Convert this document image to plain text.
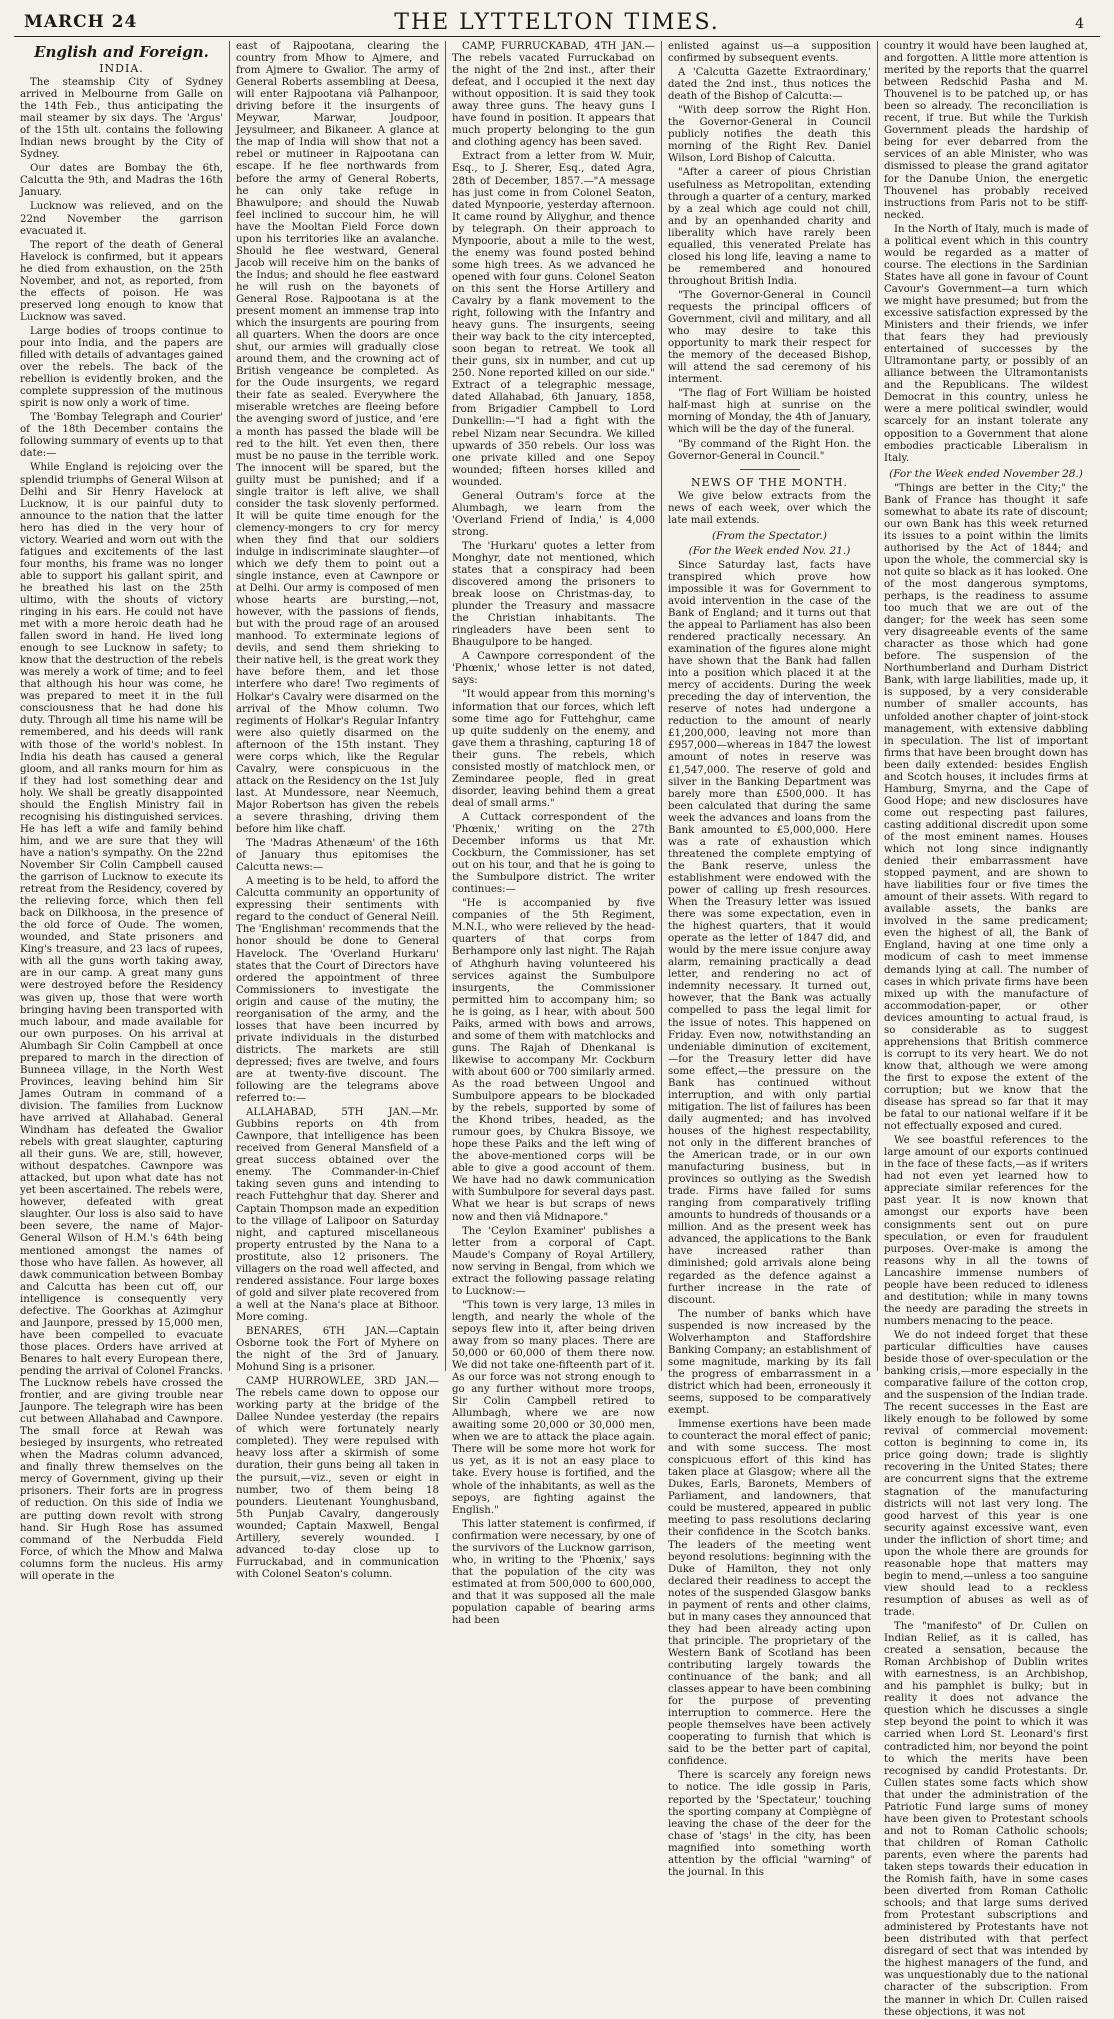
MARCH 24	THE LYTTELTON TIMES.	4
English and Foreign.
INDIA.

The steamship City of Sydney arrived in Melbourne from Galle on the 14th Feb., thus anticipating the mail steamer by six days. The 'Argus' of the 15th ult. contains the following Indian news brought by the City of Sydney.

Our dates are Bombay the 6th, Calcutta the 9th, and Madras the 16th January.

Lucknow was relieved, and on the 22nd November the garrison evacuated it.

The report of the death of General Havelock is confirmed, but it appears he died from exhaustion, on the 25th November, and not, as reported, from the effects of poison. He was preserved long enough to know that Lucknow was saved.

Large bodies of troops continue to pour into India, and the papers are filled with details of advantages gained over the rebels. The back of the rebellion is evidently broken, and the complete suppression of the mutinous spirit is now only a work of time.

The 'Bombay Telegraph and Courier' of the 18th December contains the following summary of events up to that date:—

While England is rejoicing over the splendid triumphs of General Wilson at Delhi and Sir Henry Havelock at Lucknow, it is our painful duty to announce to the nation that the latter hero has died in the very hour of victory. Wearied and worn out with the fatigues and excitements of the last four months, his frame was no longer able to support his gallant spirit, and he breathed his last on the 25th ultimo, with the shouts of victory ringing in his ears. He could not have met with a more heroic death had he fallen sword in hand. He lived long enough to see Lucknow in safety; to know that the destruction of the rebels was merely a work of time; and to feel that although his hour was come, he was prepared to meet it in the full consciousness that he had done his duty. Through all time his name will be remembered, and his deeds will rank with those of the world's noblest. In India his death has caused a general gloom, and all ranks mourn for him as if they had lost something dear and holy. We shall be greatly disappointed should the English Ministry fail in recognising his distinguished services. He has left a wife and family behind him, and we are sure that they will have a nation's sympathy. On the 22nd November Sir Colin Campbell caused the garrison of Lucknow to execute its retreat from the Residency, covered by the relieving force, which then fell back on Dilkhoosa, in the presence of the old force of Oude. The women, wounded, and State prisoners and King's treasure, and 23 lacs of rupees, with all the guns worth taking away, are in our camp. A great many guns were destroyed before the Residency was given up, those that were worth bringing having been transported with much labour, and made available for our own purposes. On his arrival at Alumbagh Sir Colin Campbell at once prepared to march in the direction of Bunneea village, in the North West Provinces, leaving behind him Sir James Outram in command of a division. The families from Lucknow have arrived at Allahabad. General Windham has defeated the Gwalior rebels with great slaughter, capturing all their guns. We are, still, however, without despatches. Cawnpore was attacked, but upon what date has not yet been ascertained. The rebels were, however, defeated with great slaughter. Our loss is also said to have been severe, the name of Major-General Wilson of H.M.'s 64th being mentioned amongst the names of those who have fallen. As however, all dawk communication between Bombay and Calcutta has been cut off, our intelligence is consequently very defective. The Goorkhas at Azimghur and Jaunpore, pressed by 15,000 men, have been compelled to evacuate those places. Orders have arrived at Benares to halt every European there, pending the arrival of Colonel Francks. The Lucknow rebels have crossed the frontier, and are giving trouble near Jaunpore. The telegraph wire has been cut between Allahabad and Cawnpore. The small force at Rewah was besieged by insurgents, who retreated when the Madras column advanced, and finally threw themselves on the mercy of Government, giving up their prisoners. Their forts are in progress of reduction. On this side of India we are putting down revolt with strong hand. Sir Hugh Rose has assumed command of the Nerbudda Field Force, of which the Mhow and Malwa columns form the nucleus. His army will operate in the

east of Rajpootana, clearing the country from Mhow to Ajmere, and from Ajmere to Gwalior. The army of General Roberts assembling at Deesa, will enter Rajpootana viâ Palhanpoor, driving before it the insurgents of Meywar, Marwar, Joudpoor, Jeysulmeer, and Bikaneer. A glance at the map of India will show that not a rebel or mutineer in Rajpootana can escape. If he flee northwards from before the army of General Roberts, he can only take refuge in Bhawulpore; and should the Nuwab feel inclined to succour him, he will have the Mooltan Field Force down upon his territories like an avalanche. Should he flee westward, General Jacob will receive him on the banks of the Indus; and should he flee eastward he will rush on the bayonets of General Rose. Rajpootana is at the present moment an immense trap into which the insurgents are pouring from all quarters. When the doors are once shut, our armies will gradually close around them, and the crowning act of British vengeance be completed. As for the Oude insurgents, we regard their fate as sealed. Everywhere the miserable wretches are fleeing before the avenging sword of justice, and 'ere a month has passed the blade will be red to the hilt. Yet even then, there must be no pause in the terrible work. The innocent will be spared, but the guilty must be punished; and if a single traitor is left alive, we shall consider the task slovenly performed. It will be quite time enough for the clemency-mongers to cry for mercy when they find that our soldiers indulge in indiscriminate slaughter—of which we defy them to point out a single instance, even at Cawnpore or at Delhi. Our army is composed of men whose hearts are bursting,—not, however, with the passions of fiends, but with the proud rage of an aroused manhood. To exterminate legions of devils, and send them shrieking to their native hell, is the great work they have before them, and let those interfere who dare! Two regiments of Holkar's Cavalry were disarmed on the arrival of the Mhow column. Two regiments of Holkar's Regular Infantry were also quietly disarmed on the afternoon of the 15th instant. They were corps which, like the Regular Cavalry, were conspicuous in the attack on the Residency on the 1st July last. At Mundessore, near Neemuch, Major Robertson has given the rebels a severe thrashing, driving them before him like chaff.

The 'Madras Athenæum' of the 16th of January thus epitomises the Calcutta news:—

A meeting is to be held, to afford the Calcutta community an opportunity of expressing their sentiments with regard to the conduct of General Neill. The 'Englishman' recommends that the honor should be done to General Havelock. The 'Overland Hurkaru' states that the Court of Directors have ordered the appointment of three Commissioners to investigate the origin and cause of the mutiny, the reorganisation of the army, and the losses that have been incurred by private individuals in the disturbed districts. The markets are still depressed; fives are twelve, and fours are at twenty-five discount. The following are the telegrams above referred to:—

ALLAHABAD, 5TH JAN.—Mr. Gubbins reports on 4th from Cawnpore, that intelligence has been received from General Mansfield of a great success obtained over the enemy. The Commander-in-Chief taking seven guns and intending to reach Futtehghur that day. Sherer and Captain Thompson made an expedition to the village of Lalipoor on Saturday night, and captured miscellaneous property entrusted by the Nana to a prostitute, also 12 prisoners. The villagers on the road well affected, and rendered assistance. Four large boxes of gold and silver plate recovered from a well at the Nana's place at Bithoor. More coming.

BENARES, 6TH JAN.—Captain Osborne took the Fort of Myhere on the night of the 3rd of January. Mohund Sing is a prisoner.

CAMP HURROWLEE, 3RD JAN.—The rebels came down to oppose our working party at the bridge of the Dallee Nundee yesterday (the repairs of which were fortunately nearly completed). They were repulsed with heavy loss after a skirmish of some duration, their guns being all taken in the pursuit,—viz., seven or eight in number, two of them being 18 pounders. Lieutenant Younghusband, 5th Punjab Cavalry, dangerously wounded; Captain Maxwell, Bengal Artillery, severely wounded. I advanced to-day close up to Furruckabad, and in communication with Colonel Seaton's column.

CAMP, FURRUCKABAD, 4TH JAN.—The rebels vacated Furruckabad on the night of the 2nd inst., after their defeat, and I occupied it the next day without opposition. It is said they took away three guns. The heavy guns I have found in position. It appears that much property belonging to the gun and clothing agency has been saved.

Extract from a letter from W. Muir, Esq., to J. Sherer, Esq., dated Agra, 28th of December, 1857.—"A message has just come in from Colonel Seaton, dated Mynpoorie, yesterday afternoon. It came round by Allyghur, and thence by telegraph. On their approach to Mynpoorie, about a mile to the west, the enemy was found posted behind some high trees. As we advanced he opened with four guns. Colonel Seaton on this sent the Horse Artillery and Cavalry by a flank movement to the right, following with the Infantry and heavy guns. The insurgents, seeing their way back to the city intercepted, soon began to retreat. We took all their guns, six in number, and cut up 250. None reported killed on our side." Extract of a telegraphic message, dated Allahabad, 6th January, 1858, from Brigadier Campbell to Lord Dunkellin:—"I had a fight with the rebel Nizam near Secundra. We killed upwards of 350 rebels. Our loss was one private killed and one Sepoy wounded; fifteen horses killed and wounded.

General Outram's force at the Alumbagh, we learn from the 'Overland Friend of India,' is 4,000 strong.

The 'Hurkaru' quotes a letter from Monghyr, date not mentioned, which states that a conspiracy had been discovered among the prisoners to break loose on Christmas-day, to plunder the Treasury and massacre the Christian inhabitants. The ringleaders have been sent to Bhaugulpore to be hanged.

A Cawnpore correspondent of the 'Phœnix,' whose letter is not dated, says:

"It would appear from this morning's information that our forces, which left some time ago for Futtehghur, came up quite suddenly on the enemy, and gave them a thrashing, capturing 18 of their guns. The rebels, which consisted mostly of matchlock men, or Zemindaree people, fled in great disorder, leaving behind them a great deal of small arms."

A Cuttack correspondent of the 'Phœnix,' writing on the 27th December informs us that Mr. Cockburn, the Commissioner, has set out on his tour, and that he is going to the Sumbulpore district. The writer continues:—

"He is accompanied by five companies of the 5th Regiment, M.N.I., who were relieved by the head-quarters of that corps from Berhampore only last night. The Rajah of Athghurh having volunteered his services against the Sumbulpore insurgents, the Commissioner permitted him to accompany him; so he is going, as I hear, with about 500 Paiks, armed with bows and arrows, and some of them with matchlocks and guns. The Rajah of Dhenkanal is likewise to accompany Mr. Cockburn with about 600 or 700 similarly armed. As the road between Ungool and Sumbulpore appears to be blockaded by the rebels, supported by some of the Khond tribes, headed, as the rumour goes, by Chukra Bissoye, we hope these Paiks and the left wing of the above-mentioned corps will be able to give a good account of them. We have had no dawk communication with Sumbulpore for several days past. What we hear is but scraps of news now and then viâ Midnapore."

The 'Ceylon Examiner' publishes a letter from a corporal of Capt. Maude's Company of Royal Artillery, now serving in Bengal, from which we extract the following passage relating to Lucknow:—

"This town is very large, 13 miles in length, and nearly the whole of the sepoys flew into it, after being driven away from so many places. There are 50,000 or 60,000 of them there now. We did not take one-fifteenth part of it. As our force was not strong enough to go any further without more troops, Sir Colin Campbell retired to Allumbagh, where we are now awaiting some 20,000 or 30,000 men, when we are to attack the place again. There will be some more hot work for us yet, as it is not an easy place to take. Every house is fortified, and the whole of the inhabitants, as well as the sepoys, are fighting against the English."

This latter statement is confirmed, if confirmation were necessary, by one of the survivors of the Lucknow garrison, who, in writing to the 'Phœnix,' says that the population of the city was estimated at from 500,000 to 600,000, and that it was supposed all the male population capable of bearing arms had been

enlisted against us—a supposition confirmed by subsequent events.

A 'Calcutta Gazette Extraordinary,' dated the 2nd inst., thus notices the death of the Bishop of Calcutta:—

"With deep sorrow the Right Hon. the Governor-General in Council publicly notifies the death this morning of the Right Rev. Daniel Wilson, Lord Bishop of Calcutta.

"After a career of pious Christian usefulness as Metropolitan, extending through a quarter of a century, marked by a zeal which age could not chill, and by an openhanded charity and liberality which have rarely been equalled, this venerated Prelate has closed his long life, leaving a name to be remembered and honoured throughout British India.

"The Governor-General in Council requests the principal officers of Government, civil and military, and all who may desire to take this opportunity to mark their respect for the memory of the deceased Bishop, will attend the sad ceremony of his interment.

"The flag of Fort William be hoisted half-mast high at sunrise on the morning of Monday, the 4th of January, which will be the day of the funeral.

"By command of the Right Hon. the Governor-General in Council."

NEWS OF THE MONTH.

We give below extracts from the news of each week, over which the late mail extends.

(From the Spectator.)
(For the Week ended Nov. 21.)

Since Saturday last, facts have transpired which prove how impossible it was for Government to avoid intervention in the case of the Bank of England; and it turns out that the appeal to Parliament has also been rendered practically necessary. An examination of the figures alone might have shown that the Bank had fallen into a position which placed it at the mercy of accidents. During the week preceding the day of intervention, the reserve of notes had undergone a reduction to the amount of nearly £1,200,000, leaving not more than £957,000—whereas in 1847 the lowest amount of notes in reserve was £1,547,000. The reserve of gold and silver in the Banking Department was barely more than £500,000. It has been calculated that during the same week the advances and loans from the Bank amounted to £5,000,000. Here was a rate of exhaustion which threatened the complete emptying of the Bank reserve, unless the establishment were endowed with the power of calling up fresh resources. When the Treasury letter was issued there was some expectation, even in the highest quarters, that it would operate as the letter of 1847 did, and would by the mere issue conjure away alarm, remaining practically a dead letter, and rendering no act of indemnity necessary. It turned out, however, that the Bank was actually compelled to pass the legal limit for the issue of notes. This happened on Friday. Even now, notwithstanding an undeniable diminution of excitement,—for the Treasury letter did have some effect,—the pressure on the Bank has continued without interruption, and with only partial mitigation. The list of failures has been daily augmented; and has involved houses of the highest respectability, not only in the different branches of the American trade, or in our own manufacturing business, but in provinces so outlying as the Swedish trade. Firms have failed for sums ranging from comparatively trifling amounts to hundreds of thousands or a million. And as the present week has advanced, the applications to the Bank have increased rather than diminished; gold arrivals alone being regarded as the defence against a further increase in the rate of discount.

The number of banks which have suspended is now increased by the Wolverhampton and Staffordshire Banking Company; an establishment of some magnitude, marking by its fall the progress of embarrassment in a district which had been, erroneously it seems, supposed to be comparatively exempt.

Immense exertions have been made to counteract the moral effect of panic; and with some success. The most conspicuous effort of this kind has taken place at Glasgow; where all the Dukes, Earls, Baronets, Members of Parliament, and landowners, that could be mustered, appeared in public meeting to pass resolutions declaring their confidence in the Scotch banks. The leaders of the meeting went beyond resolutions: beginning with the Duke of Hamilton, they not only declared their readiness to accept the notes of the suspended Glasgow banks in payment of rents and other claims, but in many cases they announced that they had been already acting upon that principle. The proprietary of the Western Bank of Scotland has been contributing largely towards the continuance of the bank; and all classes appear to have been combining for the purpose of preventing interruption to commerce. Here the people themselves have been actively cooperating to furnish that which is said to be the better part of capital, confidence.

There is scarcely any foreign news to notice. The idle gossip in Paris, reported by the 'Spectateur,' touching the sporting company at Compiègne of leaving the chase of the deer for the chase of 'stags' in the city, has been magnified into something worth attention by the official "warning" of the journal. In this

country it would have been laughed at, and forgotten. A little more attention is merited by the reports that the quarrel between Redschid Pasha and M. Thouvenel is to be patched up, or has been so already. The reconciliation is recent, if true. But while the Turkish Government pleads the hardship of being for ever debarred from the services of an able Minister, who was dismissed to please the grand agitator for the Danube Union, the energetic Thouvenel has probably received instructions from Paris not to be stiff-necked.

In the North of Italy, much is made of a political event which in this country would be regarded as a matter of course. The elections in the Sardinian States have all gone in favour of Count Cavour's Government—a turn which we might have presumed; but from the excessive satisfaction expressed by the Ministers and their friends, we infer that fears they had previously entertained of successes by the Ultramontane party, or possibly of an alliance between the Ultramontanists and the Republicans. The wildest Democrat in this country, unless he were a mere political swindler, would scarcely for an instant tolerate any opposition to a Government that alone embodies practicable Liberalism in Italy.

(For the Week ended November 28.)

"Things are better in the City;" the Bank of France has thought it safe somewhat to abate its rate of discount; our own Bank has this week returned its issues to a point within the limits authorised by the Act of 1844; and upon the whole, the commercial sky is not quite so black as it has looked. One of the most dangerous symptoms, perhaps, is the readiness to assume too much that we are out of the danger; for the week has seen some very disagreeable events of the same character as those which had gone before. The suspension of the Northumberland and Durham District Bank, with large liabilities, made up, it is supposed, by a very considerable number of smaller accounts, has unfolded another chapter of joint-stock management, with extensive dabbling in speculation. The list of important firms that have been brought down has been daily extended: besides English and Scotch houses, it includes firms at Hamburg, Smyrna, and the Cape of Good Hope; and new disclosures have come out respecting past failures, casting additional discredit upon some of the most eminent names. Houses which not long since indignantly denied their embarrassment have stopped payment, and are shown to have liabilities four or five times the amount of their assets. With regard to available assets, the banks are involved in the same predicament; even the highest of all, the Bank of England, having at one time only a modicum of cash to meet immense demands lying at call. The number of cases in which private firms have been mixed up with the manufacture of accommodation-paper, or other devices amounting to actual fraud, is so considerable as to suggest apprehensions that British commerce is corrupt to its very heart. We do not know that, although we were among the first to expose the extent of the corruption; but we know that the disease has spread so far that it may be fatal to our national welfare if it be not effectually exposed and cured.

We see boastful references to the large amount of our exports continued in the face of these facts,—as if writers had not even yet learned how to appreciate similar references for the past year. It is now known that amongst our exports have been consignments sent out on pure speculation, or even for fraudulent purposes. Over-make is among the reasons why in all the towns of Lancashire immense numbers of people have been reduced to idleness and destitution; while in many towns the needy are parading the streets in numbers menacing to the peace.

We do not indeed forget that these particular difficulties have causes beside those of over-speculation or the banking crisis,—more especially in the comparative failure of the cotton crop, and the suspension of the Indian trade. The recent successes in the East are likely enough to be followed by some revival of commercial movement: cotton is beginning to come in, its price going down; trade is slightly recovering in the United States; there are concurrent signs that the extreme stagnation of the manufacturing districts will not last very long. The good harvest of this year is one security against excessive want, even under the infliction of short time; and upon the whole there are grounds for reasonable hope that matters may begin to mend,—unless a too sanguine view should lead to a reckless resumption of abuses as well as of trade.

The "manifesto" of Dr. Cullen on Indian Relief, as it is called, has created a sensation, because the Roman Archbishop of Dublin writes with earnestness, is an Archbishop, and his pamphlet is bulky; but in reality it does not advance the question which he discusses a single step beyond the point to which it was carried when Lord St. Leonard's first contradicted him, nor beyond the point to which the merits have been recognised by candid Protestants. Dr. Cullen states some facts which show that under the administration of the Patriotic Fund large sums of money have been given to Protestant schools and not to Roman Catholic schools; that children of Roman Catholic parents, even where the parents had taken steps towards their education in the Romish faith, have in some cases been diverted from Roman Catholic schools; and that large sums derived from Protestant subscriptions and administered by Protestants have not been distributed with that perfect disregard of sect that was intended by the highest managers of the fund, and was unquestionably due to the national character of the subscription. From the manner in which Dr. Cullen raised these objections, it was not
